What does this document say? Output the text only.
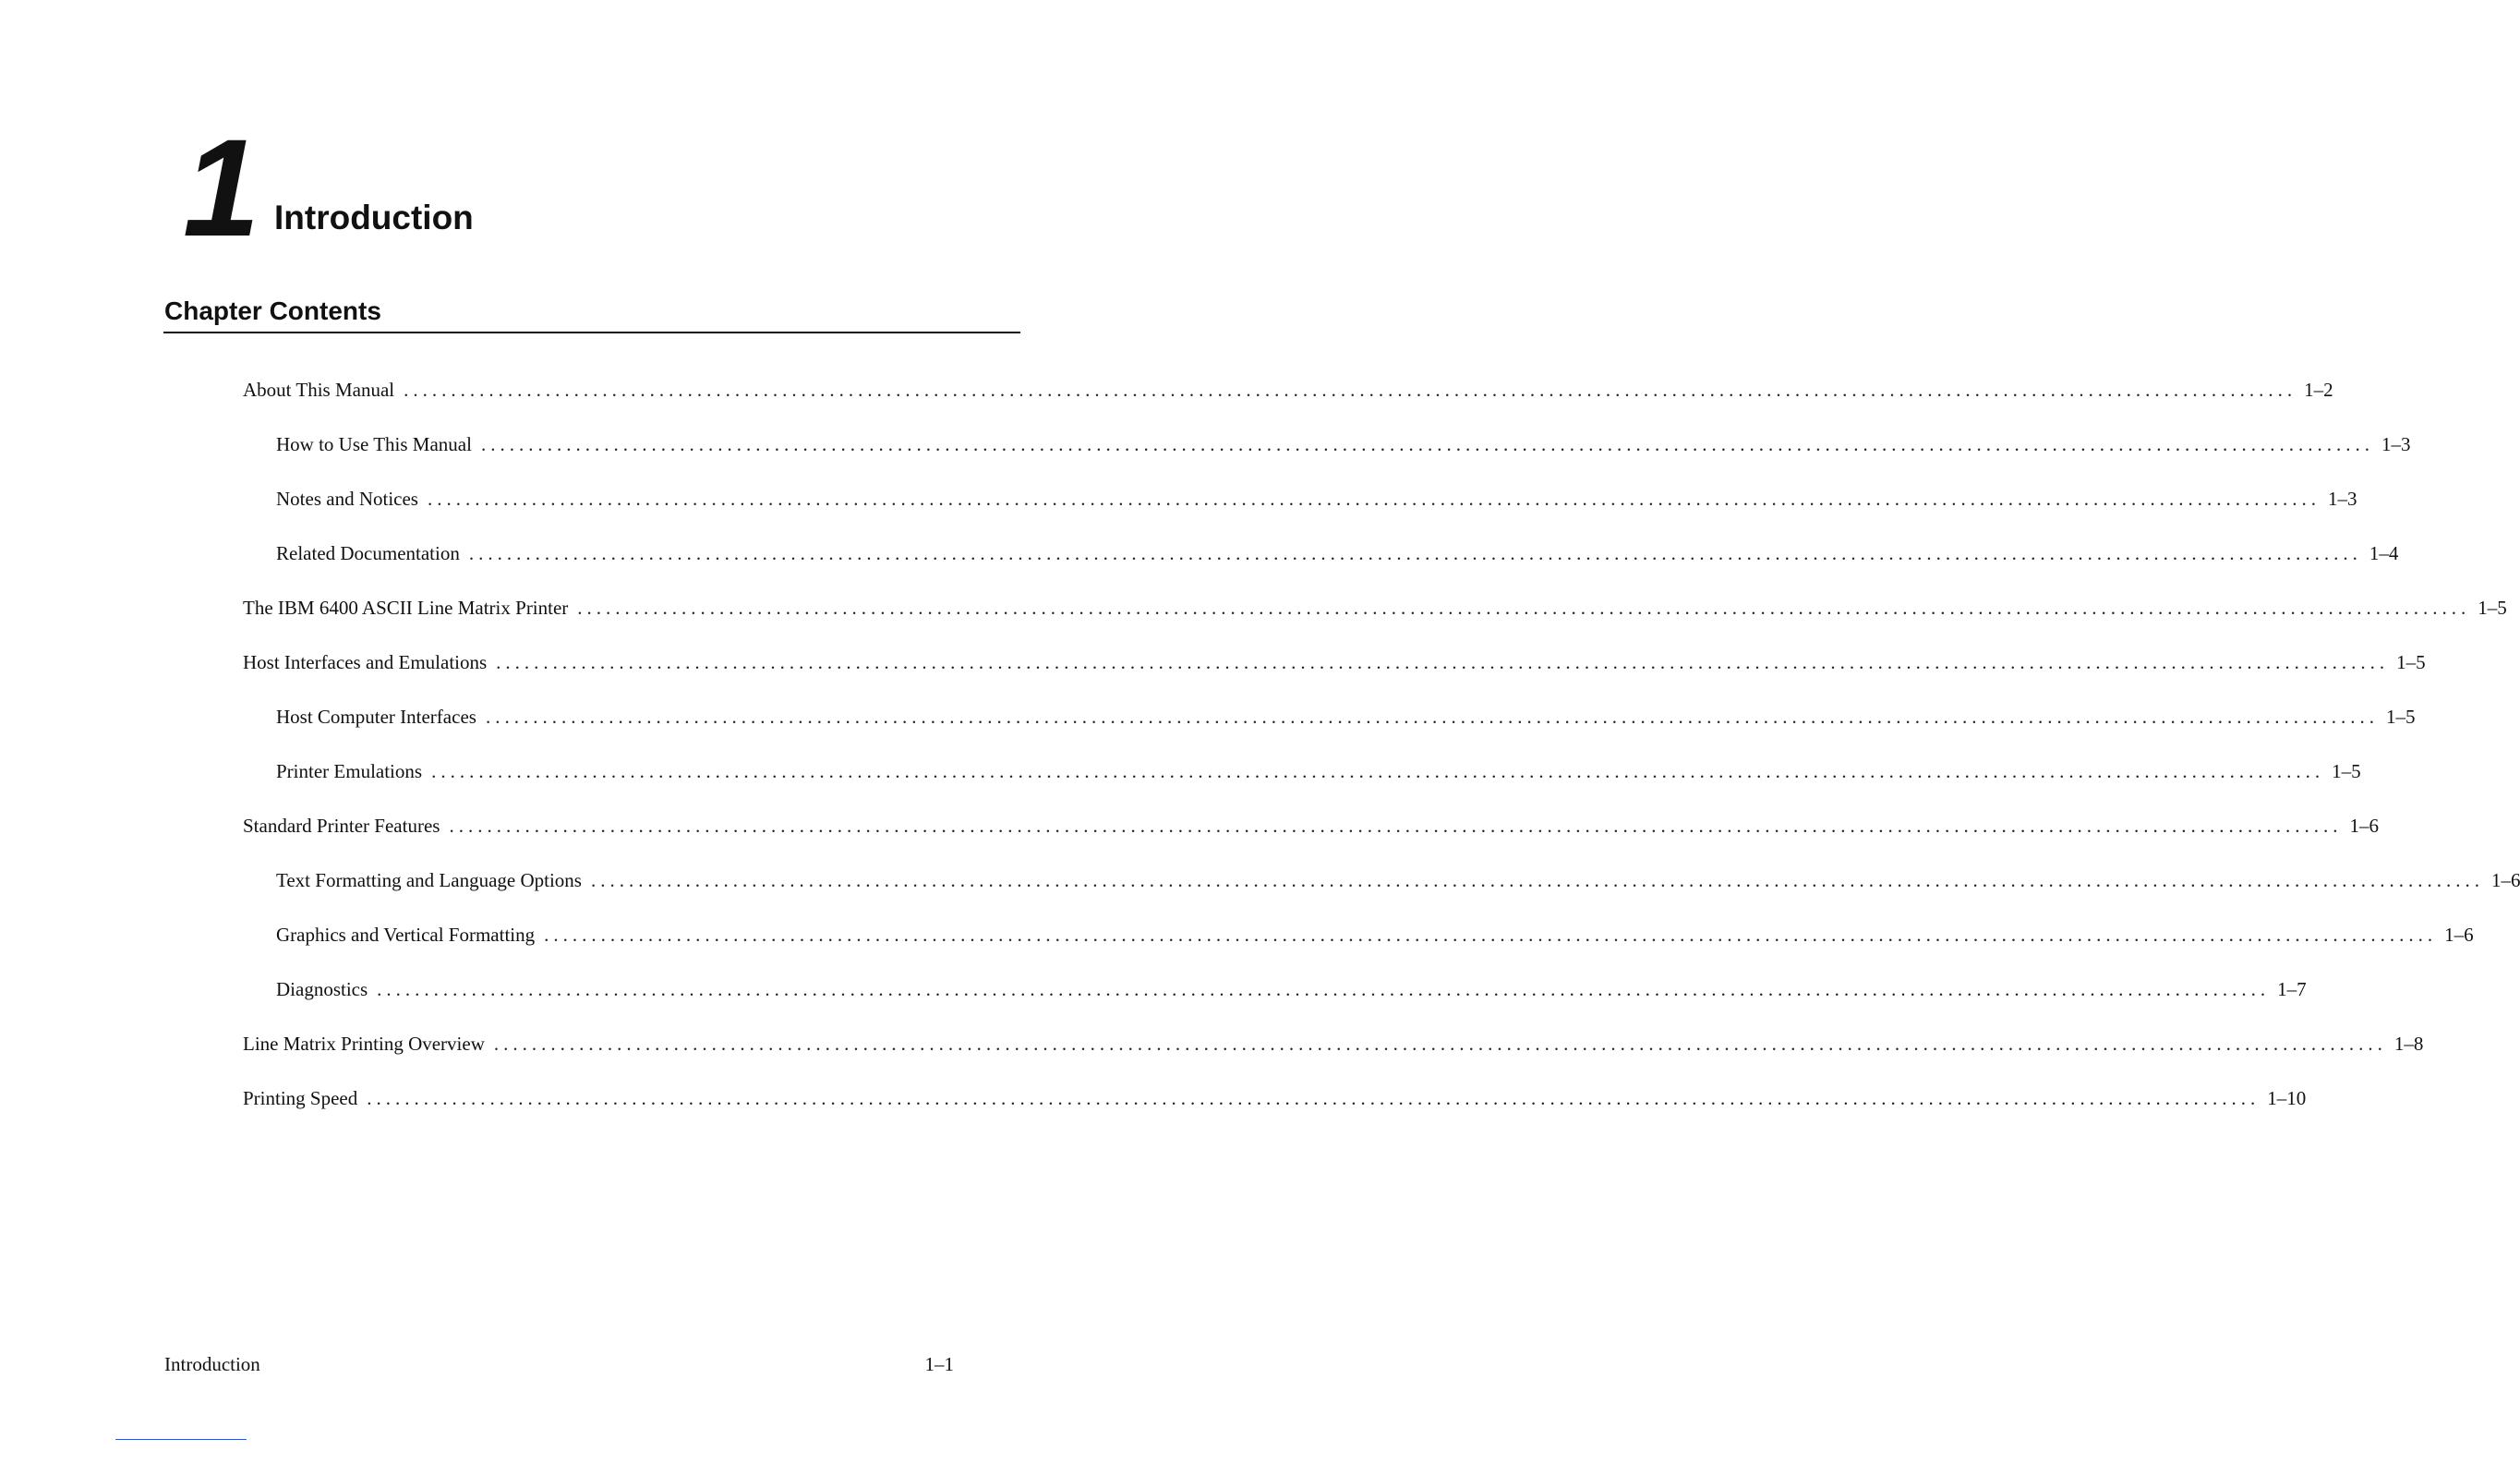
1 Introduction
Chapter Contents
About This Manual ........................................................................................................................................................................................................ 1–2
How to Use This Manual ........................................................................................................................................................................................................ 1–3
Notes and Notices ........................................................................................................................................................................................................ 1–3
Related Documentation ........................................................................................................................................................................................................ 1–4
The IBM 6400 ASCII Line Matrix Printer ........................................................................................................................................................................................................ 1–5
Host Interfaces and Emulations ........................................................................................................................................................................................................ 1–5
Host Computer Interfaces ........................................................................................................................................................................................................ 1–5
Printer Emulations ........................................................................................................................................................................................................ 1–5
Standard Printer Features ........................................................................................................................................................................................................ 1–6
Text Formatting and Language Options ........................................................................................................................................................................................................ 1–6
Graphics and Vertical Formatting ........................................................................................................................................................................................................ 1–6
Diagnostics ........................................................................................................................................................................................................ 1–7
Line Matrix Printing Overview ........................................................................................................................................................................................................ 1–8
Printing Speed ........................................................................................................................................................................................................ 1–10
Introduction	1–1
